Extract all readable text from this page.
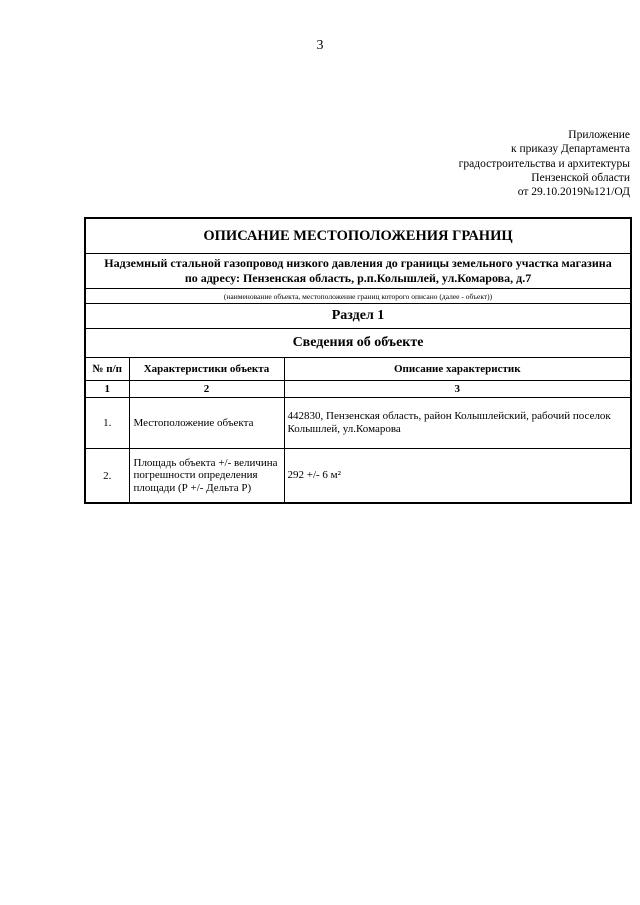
3
Приложение
к приказу Департамента
градостроительства и архитектуры
Пензенской области
от 29.10.2019№121/ОД
ОПИСАНИЕ МЕСТОПОЛОЖЕНИЯ ГРАНИЦ		

Надземный стальной газопровод низкого давления до границы земельного участка магазина
по адресу: Пензенская область, р.п.Колышлей, ул.Комарова, д.7		

(наименование объекта, местоположение границ которого описано (далее - объект))		
Раздел 1		
Сведения об объекте		
№ п/п	Характеристики объекта	Описание характеристик
1	2	3
1.	Местоположение объекта	442830, Пензенская область, район Колышлейский, рабочий поселок Колышлей, ул.Комарова
2.	Площадь объекта +/- величина погрешности определения площади (Р +/- Дельта Р)	292 +/- 6 м²
